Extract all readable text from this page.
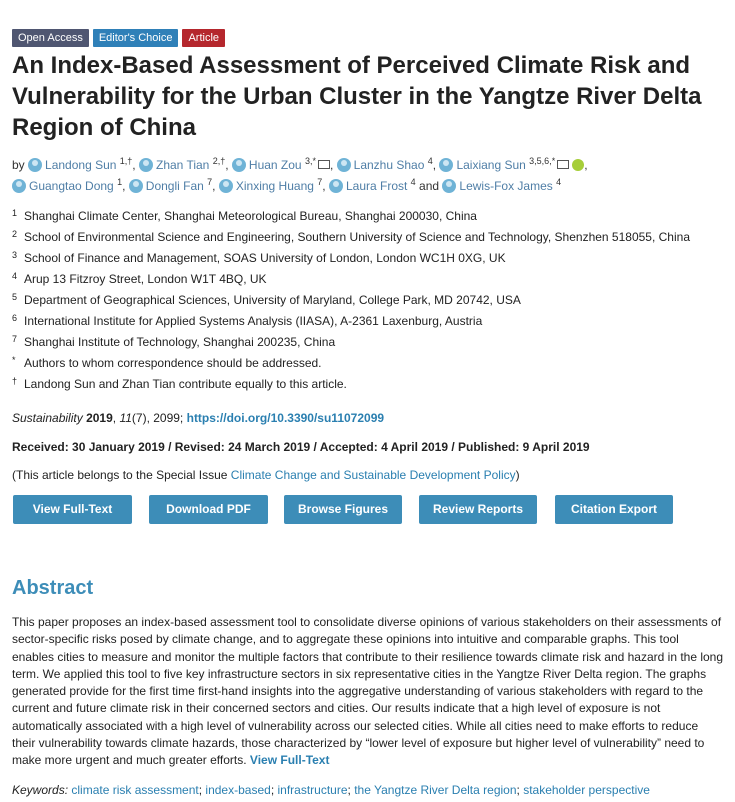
Open Access	Editor's Choice	Article
An Index-Based Assessment of Perceived Climate Risk and Vulnerability for the Urban Cluster in the Yangtze River Delta Region of China
by Landong Sun $^{1,\dagger}$, Zhan Tian $^{2,\dagger}$, Huan Zou $^{3,*}$ , Lanzhu Shao $^4$, Laixiang Sun $^{3,5,6,*}$ ,
Guangtao Dong $^1$, Dongli Fan $^7$, Xinxing Huang $^7$, Laura Frost $^4$ and Lewis-Fox James $^4$
1 Shanghai Climate Center, Shanghai Meteorological Bureau, Shanghai 200030, China
2 School of Environmental Science and Engineering, Southern University of Science and Technology, Shenzhen 518055, China
3 School of Finance and Management, SOAS University of London, London WC1H 0XG, UK
4 Arup 13 Fitzroy Street, London W1T 4BQ, UK
5 Department of Geographical Sciences, University of Maryland, College Park, MD 20742, USA
6 International Institute for Applied Systems Analysis (IIASA), A-2361 Laxenburg, Austria
7 Shanghai Institute of Technology, Shanghai 200235, China
* Authors to whom correspondence should be addressed.
† Landong Sun and Zhan Tian contribute equally to this article.
Sustainability 2019, 11(7), 2099; https://doi.org/10.3390/su11072099
Received: 30 January 2019 / Revised: 24 March 2019 / Accepted: 4 April 2019 / Published: 9 April 2019
(This article belongs to the Special Issue Climate Change and Sustainable Development Policy)
View Full-Text	Download PDF	Browse Figures	Review Reports	Citation Export
Abstract

This paper proposes an index-based assessment tool to consolidate diverse opinions of various stakeholders on their assessments of sector-specific risks posed by climate change, and to aggregate these opinions into intuitive and comparable graphs. This tool enables cities to measure and monitor the multiple factors that contribute to their resilience towards climate risk and hazard in the long term. We applied this tool to five key infrastructure sectors in six representative cities in the Yangtze River Delta region. The graphs generated provide for the first time first-hand insights into the aggregative understanding of various stakeholders with regard to the current and future climate risk in their concerned sectors and cities. Our results indicate that a high level of exposure is not automatically associated with a high level of vulnerability across our selected cities. While all cities need to make efforts to reduce their vulnerability towards climate hazards, those characterized by “lower level of exposure but higher level of vulnerability” need to make more urgent and much greater efforts. View Full-Text

Keywords: climate risk assessment; index-based; infrastructure; the Yangtze River Delta region; stakeholder perspective
